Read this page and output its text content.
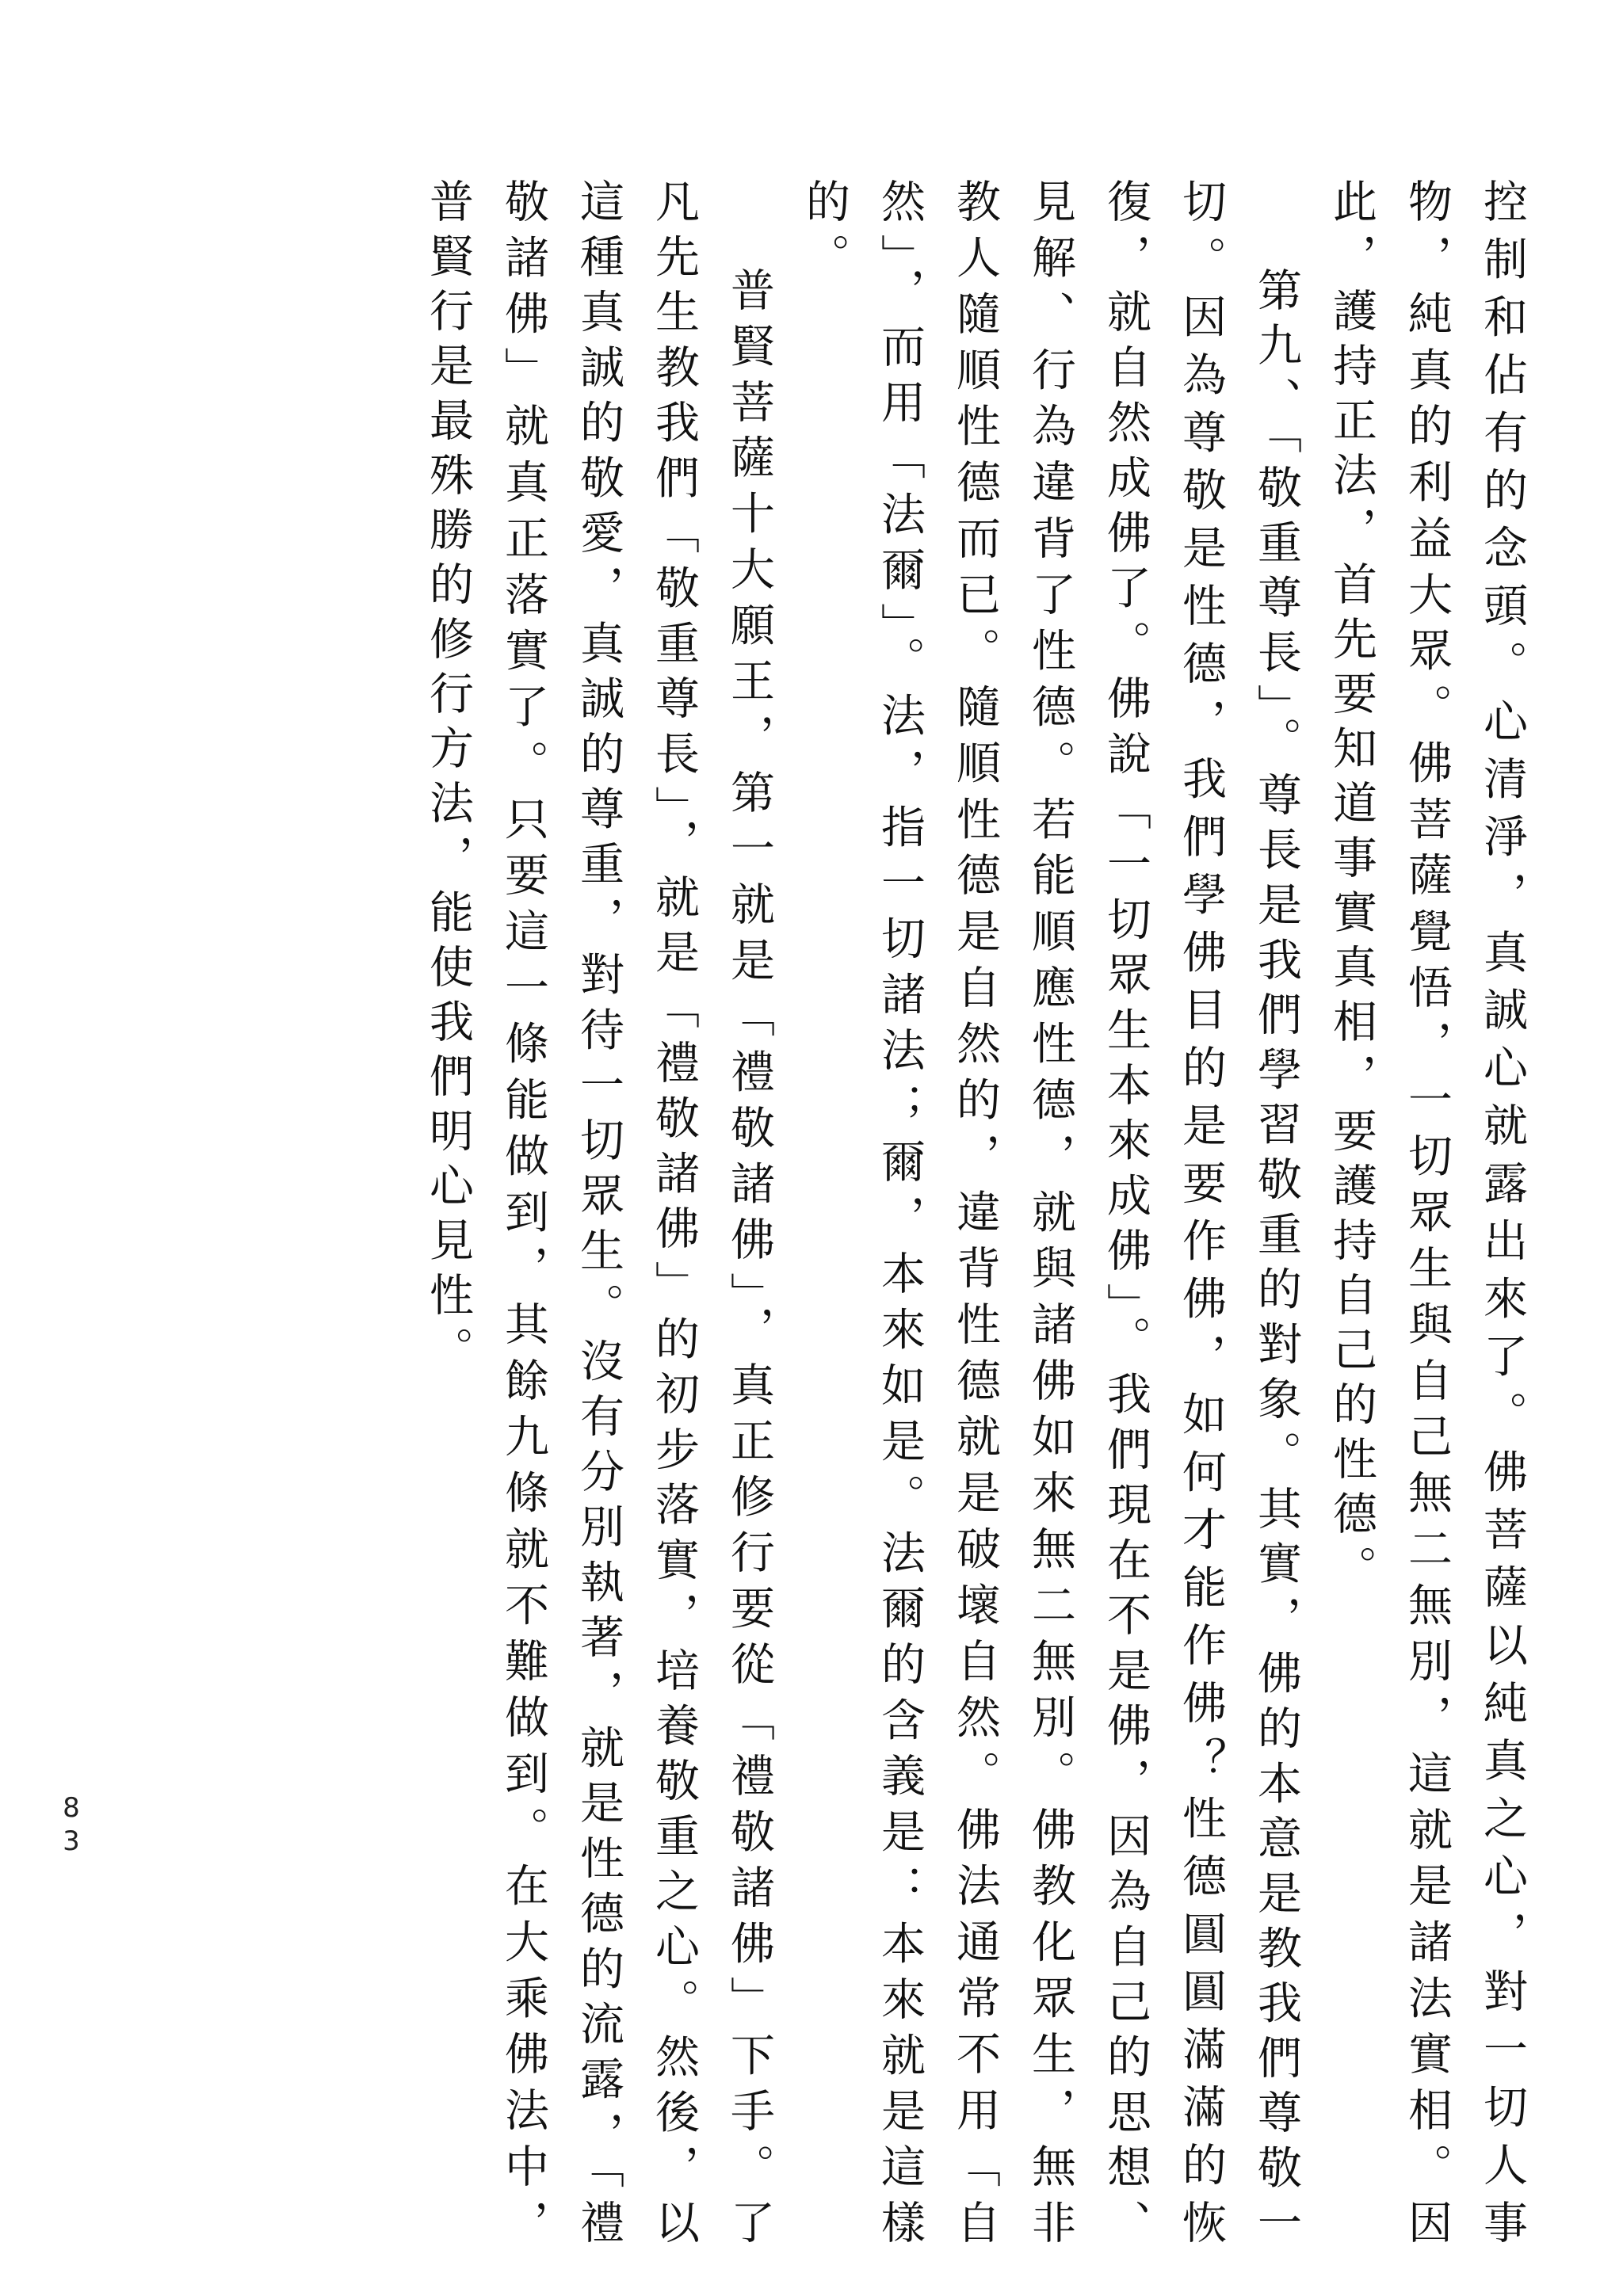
控制和佔有的念頭。心清淨，真誠心就露出來了。佛菩薩以純真之心，對一切人事物，純真的利益大眾。佛菩薩覺悟，一切眾生與自己無二無別，這就是諸法實相。因此，護持正法，首先要知道事實真相，要護持自己的性德。

第九、「敬重尊長」。尊長是我們學習敬重的對象。其實，佛的本意是教我們尊敬一切。因為尊敬是性德，我們學佛目的是要作佛，如何才能作佛？性德圓圓滿滿的恢復，就自然成佛了。佛說「一切眾生本來成佛」。我們現在不是佛，因為自己的思想、見解、行為違背了性德。若能順應性德，就與諸佛如來無二無別。佛教化眾生，無非教人隨順性德而已。隨順性德是自然的，違背性德就是破壞自然。佛法通常不用「自然」，而用「法爾」。法，指一切諸法；爾，本來如是。法爾的含義是：本來就是這樣的。

普賢菩薩十大願王，第一就是「禮敬諸佛」，真正修行要從「禮敬諸佛」下手。了凡先生教我們「敬重尊長」，就是「禮敬諸佛」的初步落實，培養敬重之心。然後，以這種真誠的敬愛，真誠的尊重，對待一切眾生。沒有分別執著，就是性德的流露，「禮敬諸佛」就真正落實了。只要這一條能做到，其餘九條就不難做到。在大乘佛法中，普賢行是最殊勝的修行方法，能使我們明心見性。

83
